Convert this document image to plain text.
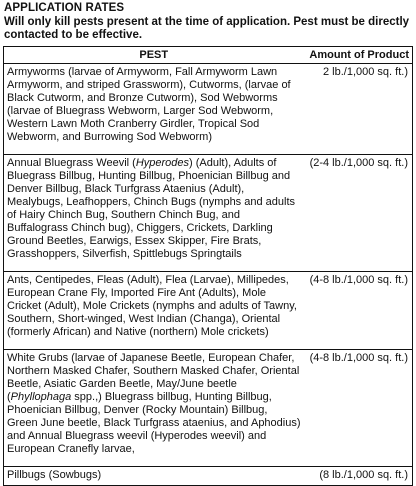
APPLICATION RATES
Will only kill pests present at the time of application. Pest must be directly contacted to be effective.
PEST	Amount of Product
Armyworms (larvae of Armyworm, Fall Armyworm Lawn Armyworm, and striped Grassworm), Cutworms, (larvae of Black Cutworm, and Bronze Cutworm), Sod Webworms (larvae of Bluegrass Webworm, Larger Sod Webworm, Western Lawn Moth Cranberry Girdler, Tropical Sod Webworm, and Burrowing Sod Webworm)	2 lb./1,000 sq. ft.)
Annual Bluegrass Weevil (Hyperodes) (Adult), Adults of Bluegrass Billbug, Hunting Billbug, Phoenician Billbug and Denver Billbug, Black Turfgrass Ataenius (Adult), Mealybugs, Leafhoppers, Chinch Bugs (nymphs and adults of Hairy Chinch Bug, Southern Chinch Bug, and Buffalograss Chinch bug), Chiggers, Crickets, Darkling Ground Beetles, Earwigs, Essex Skipper, Fire Brats, Grasshoppers, Silverfish, Spittlebugs Springtails	(2-4 lb./1,000 sq. ft.)
Ants, Centipedes, Fleas (Adult), Flea (Larvae), Millipedes, European Crane Fly, Imported Fire Ant (Adults), Mole Cricket (Adult), Mole Crickets (nymphs and adults of Tawny, Southern, Short-winged, West Indian (Changa), Oriental (formerly African) and Native (northern) Mole crickets)	(4-8 lb./1,000 sq. ft.)
White Grubs (larvae of Japanese Beetle, European Chafer, Northern Masked Chafer, Southern Masked Chafer, Oriental Beetle, Asiatic Garden Beetle, May/June beetle (Phyllophaga spp.,) Bluegrass billbug, Hunting Billbug, Phoenician Billbug, Denver (Rocky Mountain) Billbug, Green June beetle, Black Turfgrass ataenius, and Aphodius) and Annual Bluegrass weevil (Hyperodes weevil) and European Cranefly larvae,	(4-8 lb./1,000 sq. ft.)
Pillbugs (Sowbugs)	(8 lb./1,000 sq. ft.)
